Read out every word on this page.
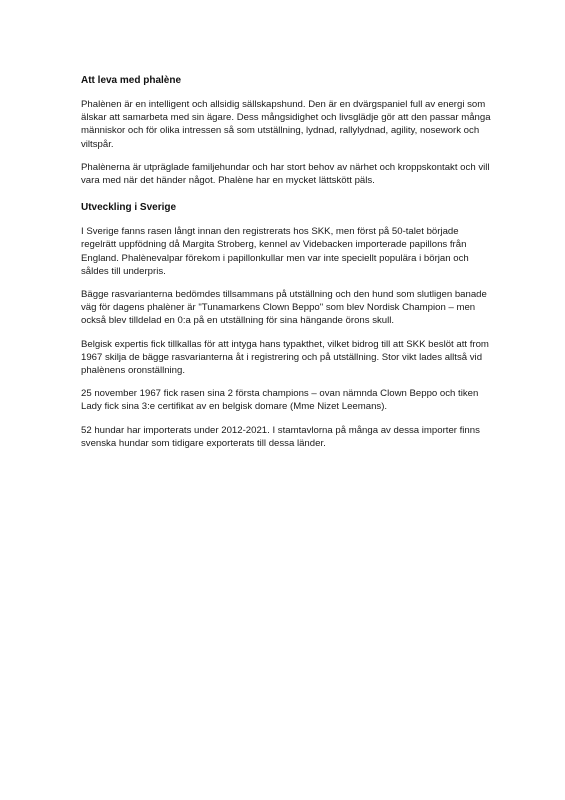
Att leva med phalène

Phalènen är en intelligent och allsidig sällskapshund. Den är en dvärgspaniel full av energi som älskar att samarbeta med sin ägare. Dess mångsidighet och livsglädje gör att den passar många människor och för olika intressen så som utställning, lydnad, rallylydnad, agility, nosework och viltspår.

Phalènerna är utpräglade familjehundar och har stort behov av närhet och kroppskontakt och vill vara med när det händer något. Phalène har en mycket lättskött päls.

Utveckling i Sverige

I Sverige fanns rasen långt innan den registrerats hos SKK, men först på 50-talet började regelrätt uppfödning då Margita Stroberg, kennel av Videbacken importerade papillons från England. Phalènevalpar förekom i papillonkullar men var inte speciellt populära i början och såldes till underpris.

Bägge rasvarianterna bedömdes tillsammans på utställning och den hund som slutligen banade väg för dagens phalèner är "Tunamarkens Clown Beppo" som blev Nordisk Champion – men också blev tilldelad en 0:a på en utställning för sina hängande örons skull.

Belgisk expertis fick tillkallas för att intyga hans typakthet, vilket bidrog till att SKK beslöt att from 1967 skilja de bägge rasvarianterna åt i registrering och på utställning. Stor vikt lades alltså vid phalènens oronställning.

25 november 1967 fick rasen sina 2 första champions – ovan nämnda Clown Beppo och tiken Lady fick sina 3:e certifikat av en belgisk domare (Mme Nizet Leemans).

52 hundar har importerats under 2012-2021. I stamtavlorna på många av dessa importer finns svenska hundar som tidigare exporterats till dessa länder.
